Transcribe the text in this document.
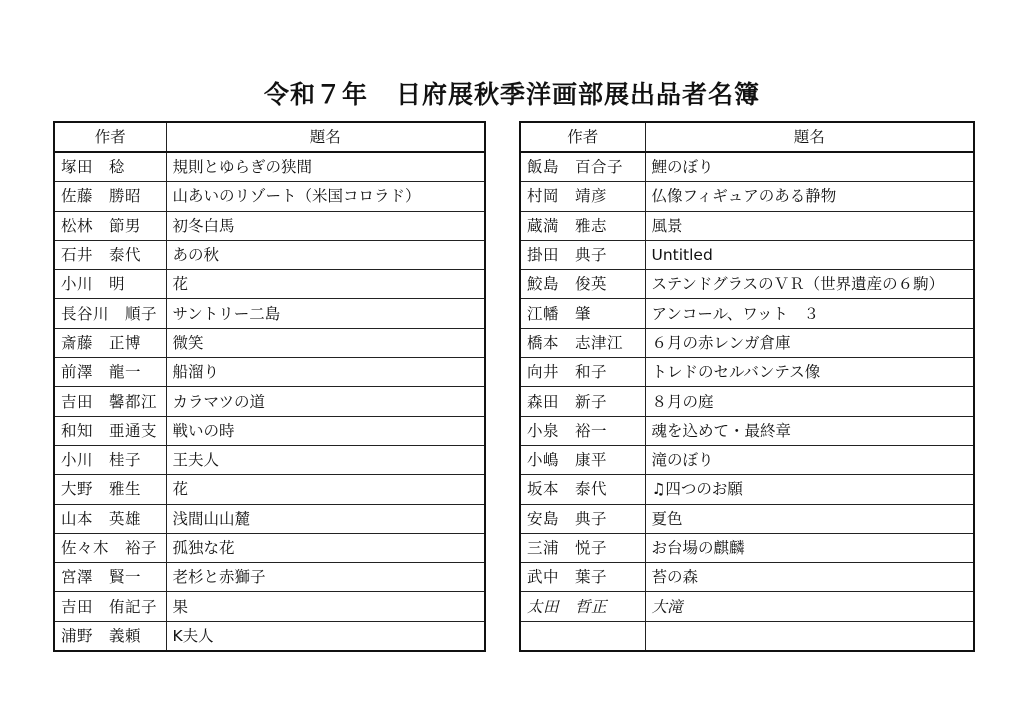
令和７年 日府展秋季洋画部展出品者名簿
作者	題名
塚田　稔	規則とゆらぎの狭間
佐藤　勝昭	山あいのリゾート（米国コロラド）
松林　節男	初冬白馬
石井　泰代	あの秋
小川　明	花
長谷川　順子	サントリー二島
斎藤　正博	微笑
前澤　龍一	船溜り
吉田　馨都江	カラマツの道
和知　亜通支	戦いの時
小川　桂子	王夫人
大野　雅生	花
山本　英雄	浅間山山麓
佐々木　裕子	孤独な花
宮澤　賢一	老杉と赤獅子
吉田　侑記子	果
浦野　義頼	K夫人
作者	題名
飯島　百合子	鯉のぼり
村岡　靖彦	仏像フィギュアのある静物
蔵満　雅志	風景
掛田　典子	Untitled
鮫島　俊英	ステンドグラスのＶＲ（世界遺産の６駒）
江幡　肇	アンコール、ワット　３
橋本　志津江	６月の赤レンガ倉庫
向井　和子	トレドのセルバンテス像
森田　新子	８月の庭
小泉　裕一	魂を込めて・最終章
小嶋　康平	滝のぼり
坂本　泰代	♫四つのお願
安島　典子	夏色
三浦　悦子	お台場の麒麟
武中　葉子	苔の森
太田　哲正	大滝
